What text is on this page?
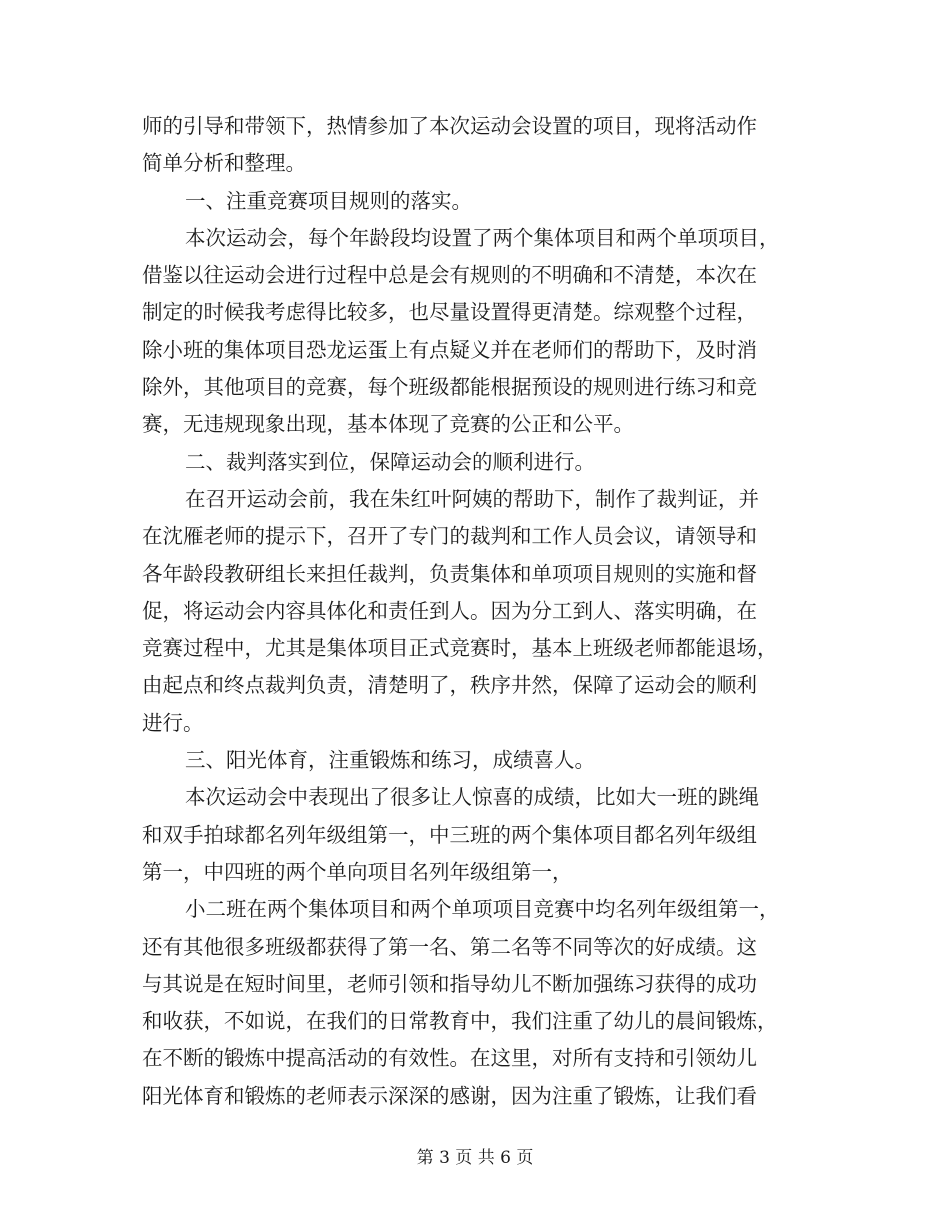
师的引导和带领下，热情参加了本次运动会设置的项目，现将活动作
简单分析和整理。
一、注重竞赛项目规则的落实。
本次运动会，每个年龄段均设置了两个集体项目和两个单项项目，
借鉴以往运动会进行过程中总是会有规则的不明确和不清楚，本次在
制定的时候我考虑得比较多，也尽量设置得更清楚。综观整个过程，
除小班的集体项目恐龙运蛋上有点疑义并在老师们的帮助下，及时消
除外，其他项目的竞赛，每个班级都能根据预设的规则进行练习和竞
赛，无违规现象出现，基本体现了竞赛的公正和公平。
二、裁判落实到位，保障运动会的顺利进行。
在召开运动会前，我在朱红叶阿姨的帮助下，制作了裁判证，并
在沈雁老师的提示下，召开了专门的裁判和工作人员会议，请领导和
各年龄段教研组长来担任裁判，负责集体和单项项目规则的实施和督
促，将运动会内容具体化和责任到人。因为分工到人、落实明确，在
竞赛过程中，尤其是集体项目正式竞赛时，基本上班级老师都能退场，
由起点和终点裁判负责，清楚明了，秩序井然，保障了运动会的顺利
进行。
三、阳光体育，注重锻炼和练习，成绩喜人。
本次运动会中表现出了很多让人惊喜的成绩，比如大一班的跳绳
和双手拍球都名列年级组第一，中三班的两个集体项目都名列年级组
第一，中四班的两个单向项目名列年级组第一，
小二班在两个集体项目和两个单项项目竞赛中均名列年级组第一，
还有其他很多班级都获得了第一名、第二名等不同等次的好成绩。这
与其说是在短时间里，老师引领和指导幼儿不断加强练习获得的成功
和收获，不如说，在我们的日常教育中，我们注重了幼儿的晨间锻炼，
在不断的锻炼中提高活动的有效性。在这里，对所有支持和引领幼儿
阳光体育和锻炼的老师表示深深的感谢，因为注重了锻炼，让我们看
第 3 页 共 6 页
